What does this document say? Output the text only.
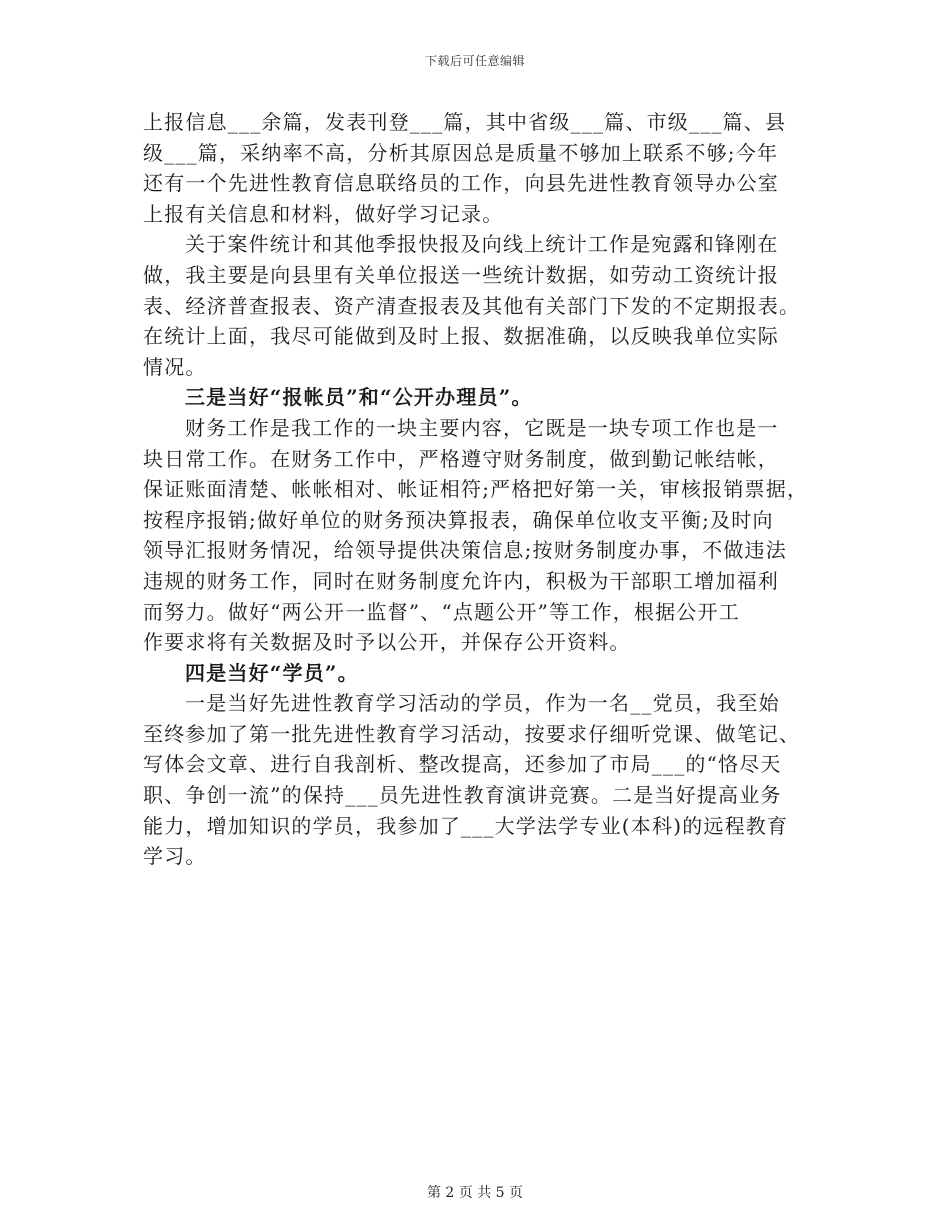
下载后可任意编辑
上报信息___余篇，发表刊登___篇，其中省级___篇、市级___篇、县
级___篇，采纳率不高，分析其原因总是质量不够加上联系不够;今年
还有一个先进性教育信息联络员的工作，向县先进性教育领导办公室
上报有关信息和材料，做好学习记录。
关于案件统计和其他季报快报及向线上统计工作是宛露和锋刚在
做，我主要是向县里有关单位报送一些统计数据，如劳动工资统计报
表、经济普查报表、资产清查报表及其他有关部门下发的不定期报表。
在统计上面，我尽可能做到及时上报、数据准确，以反映我单位实际
情况。
三是当好“报帐员”和“公开办理员”。
财务工作是我工作的一块主要内容，它既是一块专项工作也是一
块日常工作。在财务工作中，严格遵守财务制度，做到勤记帐结帐，
保证账面清楚、帐帐相对、帐证相符;严格把好第一关，审核报销票据，
按程序报销;做好单位的财务预决算报表，确保单位收支平衡;及时向
领导汇报财务情况，给领导提供决策信息;按财务制度办事，不做违法
违规的财务工作，同时在财务制度允许内，积极为干部职工增加福利
而努力。做好“两公开一监督”、“点题公开”等工作，根据公开工
作要求将有关数据及时予以公开，并保存公开资料。
四是当好“学员”。
一是当好先进性教育学习活动的学员，作为一名__党员，我至始
至终参加了第一批先进性教育学习活动，按要求仔细听党课、做笔记、
写体会文章、进行自我剖析、整改提高，还参加了市局___的“恪尽天
职、争创一流”的保持___员先进性教育演讲竞赛。二是当好提高业务
能力，增加知识的学员，我参加了___大学法学专业(本科)的远程教育
学习。
第 2 页 共 5 页
